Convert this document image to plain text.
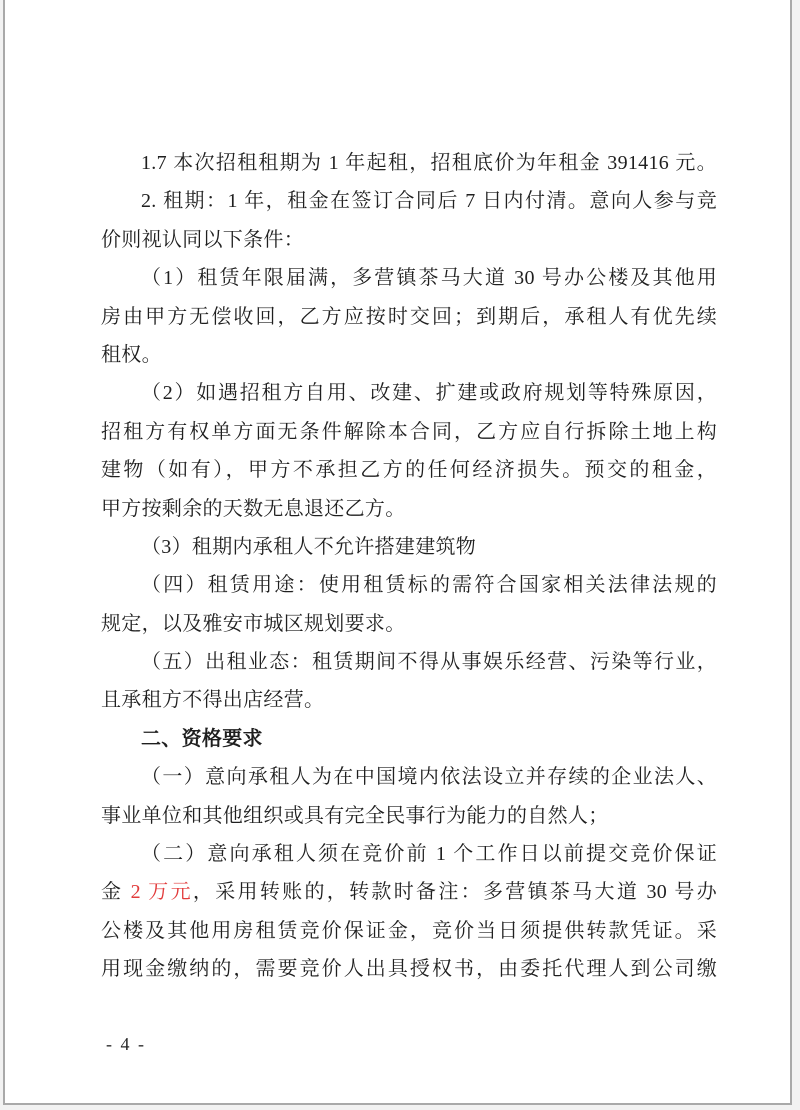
1.7 本次招租租期为 1 年起租，招租底价为年租金 391416 元。
2. 租期：1 年，租金在签订合同后 7 日内付清。意向人参与竞
价则视认同以下条件：
（1）租赁年限届满，多营镇茶马大道 30 号办公楼及其他用
房由甲方无偿收回，乙方应按时交回；到期后，承租人有优先续
租权。
（2）如遇招租方自用、改建、扩建或政府规划等特殊原因，
招租方有权单方面无条件解除本合同，乙方应自行拆除土地上构
建物（如有），甲方不承担乙方的任何经济损失。预交的租金，
甲方按剩余的天数无息退还乙方。
（3）租期内承租人不允许搭建建筑物
（四）租赁用途：使用租赁标的需符合国家相关法律法规的
规定，以及雅安市城区规划要求。
（五）出租业态：租赁期间不得从事娱乐经营、污染等行业，
且承租方不得出店经营。
二、资格要求
（一）意向承租人为在中国境内依法设立并存续的企业法人、
事业单位和其他组织或具有完全民事行为能力的自然人；
（二）意向承租人须在竞价前 1 个工作日以前提交竞价保证
金 2 万元，采用转账的，转款时备注：多营镇茶马大道 30 号办
公楼及其他用房租赁竞价保证金，竞价当日须提供转款凭证。采
用现金缴纳的，需要竞价人出具授权书，由委托代理人到公司缴
- 4 -
